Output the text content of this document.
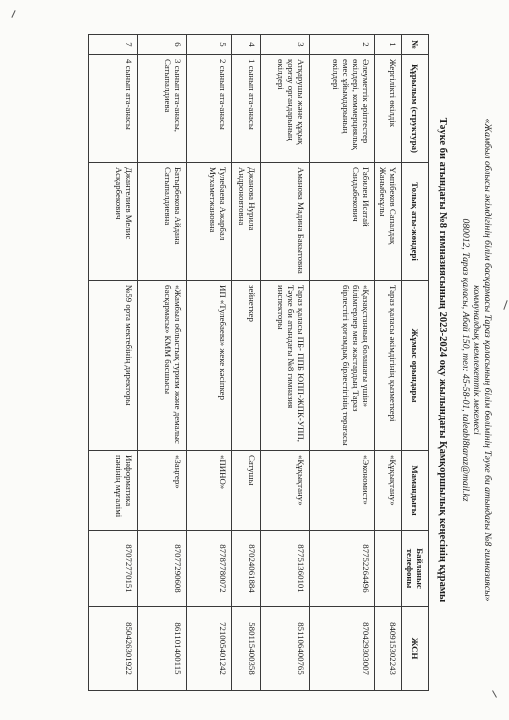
«Жамбыл облысы әкімдігінің білім басқармасы Тараз қаласының білім бөлімінің Тәуке би атындағы №8 гимназиясы»
коммуналдық мемлекеттік мекемесі
080012, Тараз қаласы, Абай 150, тел: 45-58-01, taleabl8taraz@mail.kz
Тәуке би атындағы №8 гимназиясының 2023-2024 оқу жылындағы Қамқоршылық кеңесінің құрамы
№	Құрылым (структура)	Толық аты-жөндері	Жұмыс орындары	Мамандығы	Байланыс телефоны	ЖСН
1	Жергілікті өкілдік	Үмпібеков Сапалдақ Жаныбекұлы	Тараз қаласы әкімдігінің қызметкері	«Құқықтану»		840915302243
2	Әлеуметтік әріптестер өкілдері, коммерциялық емес ұйымдарының өкілдері	Габилен Исатай Сандыбекович	«Қазақстанның болашағы үшін» білімгерлер мен жастардың Тараз бірлестігі қоғамдық бірлестігінің төрағасы	«Экономист»	87752264496	870429303007
3	Атқарушы және құқық қорғау органдарының өкілдері	Аманова Мадина Бакытовна	Тараз қаласы ПБ- ППБ ЮПП-ЖПК-УПП, Тәуке би атындағы №8 гимназия инспекторы	«Құқықтану»	87751360101	851106400765
4	1 сынып ата-анасы	Джанова Нурила Андроновтовна	зейнеткер	Сатушы	87024061884	580115400358
5	2 сынып ата-анасы	Тулебаева Ажарбал Мухаметжановна	ИП «Тулебаева» жеке кәсіпкер	«ПИНО»	87787780072	721005401242
6	3 сынып ата-анасы, Сатыпалдиева	Батырбекова Айдана Сатыпалдиевна	«Жамбыл облыстық туризм және демалыс басқармасы» КММ басшысы	«Заңгер»	87077290608	861101400115
7	4 сынып ата-анасы	Джантелиев Мелис Асқарбекович	№59 орта мектебінің директоры	Информатика пәнінің мұғалімі	87072770151	850426301922
